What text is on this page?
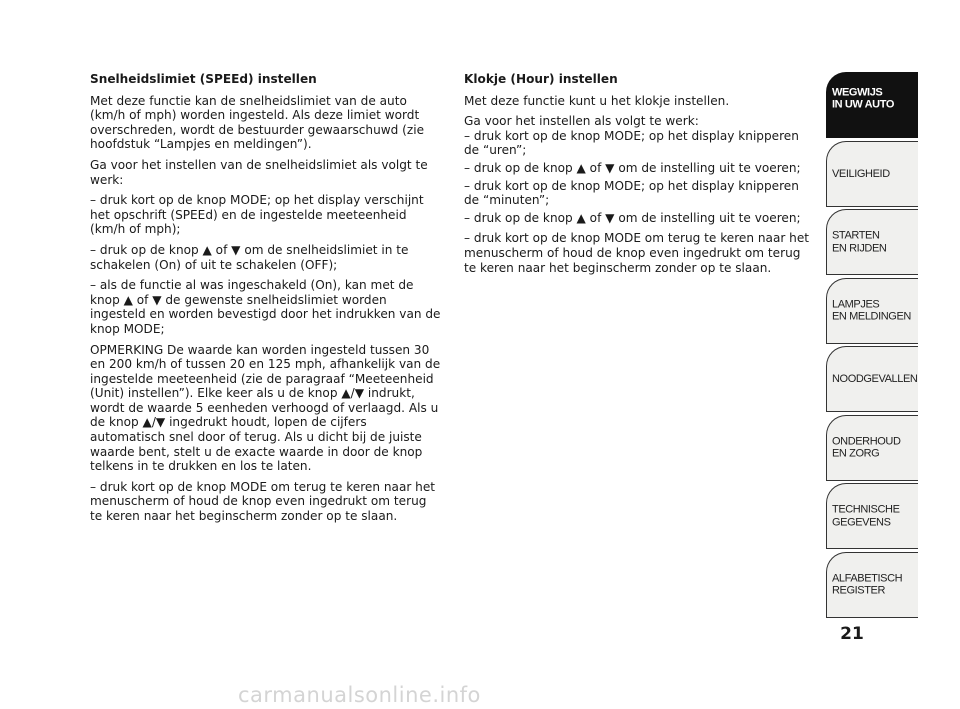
Snelheidslimiet (SPEEd) instellen

Met deze functie kan de snelheidslimiet van de auto (km/h of mph) worden ingesteld. Als deze limiet wordt overschreden, wordt de bestuurder gewaarschuwd (zie hoofdstuk “Lampjes en meldingen”).

Ga voor het instellen van de snelheidslimiet als volgt te werk:

– druk kort op de knop MODE; op het display verschijnt het opschrift (SPEEd) en de ingestelde meeteenheid (km/h of mph);

– druk op de knop ▲ of ▼ om de snelheidslimiet in te schakelen (On) of uit te schakelen (OFF);

– als de functie al was ingeschakeld (On), kan met de knop ▲ of ▼ de gewenste snelheidslimiet worden ingesteld en worden bevestigd door het indrukken van de knop MODE;

OPMERKING De waarde kan worden ingesteld tussen 30 en 200 km/h of tussen 20 en 125 mph, afhankelijk van de ingestelde meeteenheid (zie de paragraaf “Meeteenheid (Unit) instellen”). Elke keer als u de knop ▲/▼ indrukt, wordt de waarde 5 eenheden verhoogd of verlaagd. Als u de knop ▲/▼ ingedrukt houdt, lopen de cijfers automatisch snel door of terug. Als u dicht bij de juiste waarde bent, stelt u de exacte waarde in door de knop telkens in te drukken en los te laten.

– druk kort op de knop MODE om terug te keren naar het menuscherm of houd de knop even ingedrukt om terug te keren naar het beginscherm zonder op te slaan.

Klokje (Hour) instellen

Met deze functie kunt u het klokje instellen.

Ga voor het instellen als volgt te werk:
– druk kort op de knop MODE; op het display knipperen de “uren”;

– druk op de knop ▲ of ▼ om de instelling uit te voeren;

– druk kort op de knop MODE; op het display knipperen de “minuten”;

– druk op de knop ▲ of ▼ om de instelling uit te voeren;

– druk kort op de knop MODE om terug te keren naar het menuscherm of houd de knop even ingedrukt om terug te keren naar het beginscherm zonder op te slaan.

WEGWIJS
IN UW AUTO
VEILIGHEID
STARTEN
EN RIJDEN
LAMPJES
EN MELDINGEN
NOODGEVALLEN
ONDERHOUD
EN ZORG
TECHNISCHE
GEGEVENS
ALFABETISCH
REGISTER
21
carmanualsonline.info
